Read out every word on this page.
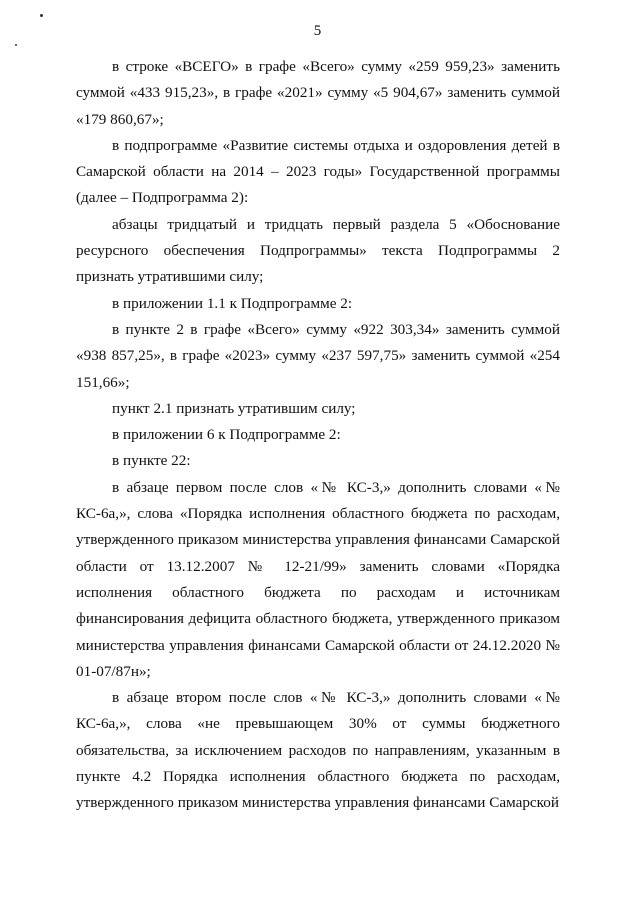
5

в строке «ВСЕГО» в графе «Всего» сумму «259 959,23» заменить суммой «433 915,23», в графе «2021» сумму «5 904,67» заменить суммой «179 860,67»;

в подпрограмме «Развитие системы отдыха и оздоровления детей в Самарской области на 2014 – 2023 годы» Государственной программы (далее – Подпрограмма 2):

абзацы тридцатый и тридцать первый раздела 5 «Обоснование ресурсного обеспечения Подпрограммы» текста Подпрограммы 2 признать утратившими силу;

в приложении 1.1 к Подпрограмме 2:

в пункте 2 в графе «Всего» сумму «922 303,34» заменить суммой «938 857,25», в графе «2023» сумму «237 597,75» заменить суммой «254 151,66»;

пункт 2.1 признать утратившим силу;

в приложении 6 к Подпрограмме 2:

в пункте 22:

в абзаце первом после слов «№ КС-3,» дополнить словами «№ КС-6а,», слова «Порядка исполнения областного бюджета по расходам, утвержденного приказом министерства управления финансами Самарской области от 13.12.2007 № 12-21/99» заменить словами «Порядка исполнения областного бюджета по расходам и источникам финансирования дефицита областного бюджета, утвержденного приказом министерства управления финансами Самарской области от 24.12.2020 № 01-07/87н»;

в абзаце втором после слов «№ КС-3,» дополнить словами «№ КС-6а,», слова «не превышающем 30% от суммы бюджетного обязательства, за исключением расходов по направлениям, указанным в пункте 4.2 Порядка исполнения областного бюджета по расходам, утвержденного приказом министерства управления финансами Самарской
